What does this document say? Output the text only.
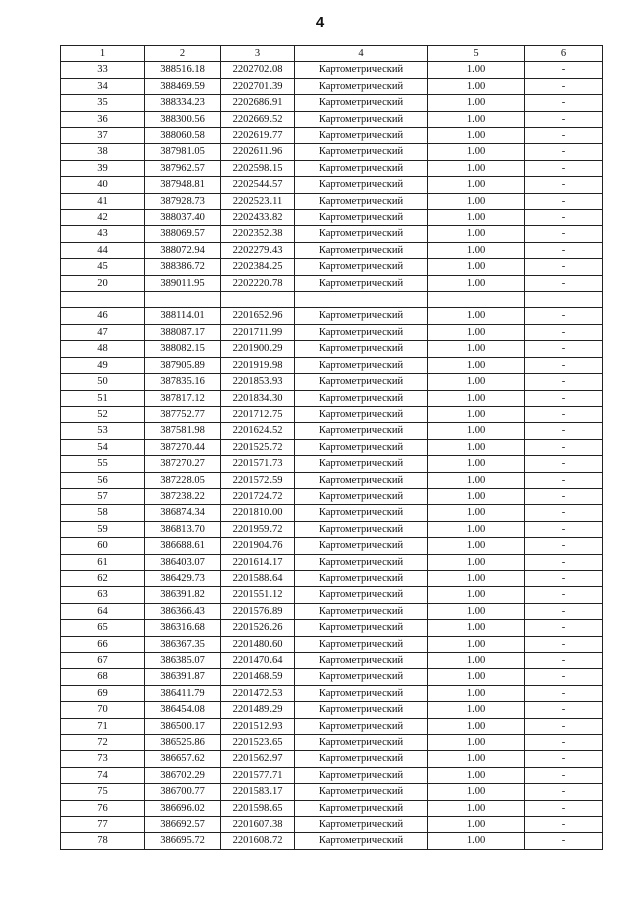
4
1	2	3	4	5	6
33	388516.18	2202702.08	Картометрический	1.00	-
34	388469.59	2202701.39	Картометрический	1.00	-
35	388334.23	2202686.91	Картометрический	1.00	-
36	388300.56	2202669.52	Картометрический	1.00	-
37	388060.58	2202619.77	Картометрический	1.00	-
38	387981.05	2202611.96	Картометрический	1.00	-
39	387962.57	2202598.15	Картометрический	1.00	-
40	387948.81	2202544.57	Картометрический	1.00	-
41	387928.73	2202523.11	Картометрический	1.00	-
42	388037.40	2202433.82	Картометрический	1.00	-
43	388069.57	2202352.38	Картометрический	1.00	-
44	388072.94	2202279.43	Картометрический	1.00	-
45	388386.72	2202384.25	Картометрический	1.00	-
20	389011.95	2202220.78	Картометрический	1.00	-

46	388114.01	2201652.96	Картометрический	1.00	-
47	388087.17	2201711.99	Картометрический	1.00	-
48	388082.15	2201900.29	Картометрический	1.00	-
49	387905.89	2201919.98	Картометрический	1.00	-
50	387835.16	2201853.93	Картометрический	1.00	-
51	387817.12	2201834.30	Картометрический	1.00	-
52	387752.77	2201712.75	Картометрический	1.00	-
53	387581.98	2201624.52	Картометрический	1.00	-
54	387270.44	2201525.72	Картометрический	1.00	-
55	387270.27	2201571.73	Картометрический	1.00	-
56	387228.05	2201572.59	Картометрический	1.00	-
57	387238.22	2201724.72	Картометрический	1.00	-
58	386874.34	2201810.00	Картометрический	1.00	-
59	386813.70	2201959.72	Картометрический	1.00	-
60	386688.61	2201904.76	Картометрический	1.00	-
61	386403.07	2201614.17	Картометрический	1.00	-
62	386429.73	2201588.64	Картометрический	1.00	-
63	386391.82	2201551.12	Картометрический	1.00	-
64	386366.43	2201576.89	Картометрический	1.00	-
65	386316.68	2201526.26	Картометрический	1.00	-
66	386367.35	2201480.60	Картометрический	1.00	-
67	386385.07	2201470.64	Картометрический	1.00	-
68	386391.87	2201468.59	Картометрический	1.00	-
69	386411.79	2201472.53	Картометрический	1.00	-
70	386454.08	2201489.29	Картометрический	1.00	-
71	386500.17	2201512.93	Картометрический	1.00	-
72	386525.86	2201523.65	Картометрический	1.00	-
73	386657.62	2201562.97	Картометрический	1.00	-
74	386702.29	2201577.71	Картометрический	1.00	-
75	386700.77	2201583.17	Картометрический	1.00	-
76	386696.02	2201598.65	Картометрический	1.00	-
77	386692.57	2201607.38	Картометрический	1.00	-
78	386695.72	2201608.72	Картометрический	1.00	-
